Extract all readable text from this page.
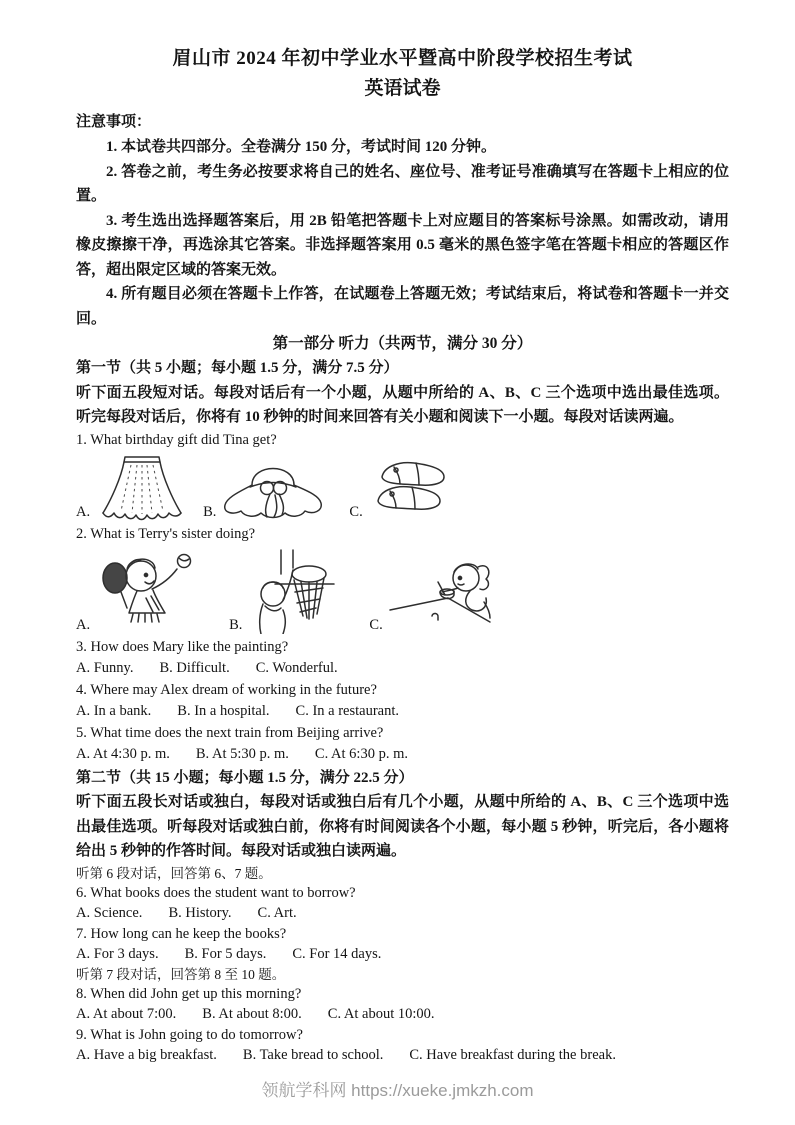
眉山市 2024 年初中学业水平暨高中阶段学校招生考试

英语试卷

注意事项：

1. 本试卷共四部分。全卷满分 150 分，考试时间 120 分钟。

2. 答卷之前，考生务必按要求将自己的姓名、座位号、准考证号准确填写在答题卡上相应的位置。

3. 考生选出选择题答案后，用 2B 铅笔把答题卡上对应题目的答案标号涂黑。如需改动，请用橡皮擦擦干净，再选涂其它答案。非选择题答案用 0.5 毫米的黑色签字笔在答题卡相应的答题区作答，超出限定区域的答案无效。

4. 所有题目必须在答题卡上作答，在试题卷上答题无效；考试结束后，将试卷和答题卡一并交回。

第一部分 听力（共两节，满分 30 分）

第一节（共 5 小题；每小题 1.5 分，满分 7.5 分）

听下面五段短对话。每段对话后有一个小题，从题中所给的 A、B、C 三个选项中选出最佳选项。听完每段对话后，你将有 10 秒钟的时间来回答有关小题和阅读下一小题。每段对话读两遍。

1. What birthday gift did Tina get?

A.	B.	C.

2. What is Terry's sister doing?

A.	B.	C.

3. How does Mary like the painting?

A. Funny. B. Difficult. C. Wonderful.

4. Where may Alex dream of working in the future?

A. In a bank. B. In a hospital. C. In a restaurant.

5. What time does the next train from Beijing arrive?

A. At 4:30 p. m. B. At 5:30 p. m. C. At 6:30 p. m.

第二节（共 15 小题；每小题 1.5 分，满分 22.5 分）

听下面五段长对话或独白，每段对话或独白后有几个小题，从题中所给的 A、B、C 三个选项中选出最佳选项。听每段对话或独白前，你将有时间阅读各个小题，每小题 5 秒钟，听完后，各小题将给出 5 秒钟的作答时间。每段对话或独白读两遍。

听第 6 段对话，回答第 6、7 题。

6. What books does the student want to borrow?

A. Science. B. History. C. Art.

7. How long can he keep the books?

A. For 3 days. B. For 5 days. C. For 14 days.

听第 7 段对话，回答第 8 至 10 题。

8. When did John get up this morning?

A. At about 7:00. B. At about 8:00. C. At about 10:00.

9. What is John going to do tomorrow?

A. Have a big breakfast. B. Take bread to school. C. Have breakfast during the break.

领航学科网 https://xueke.jmkzh.com
